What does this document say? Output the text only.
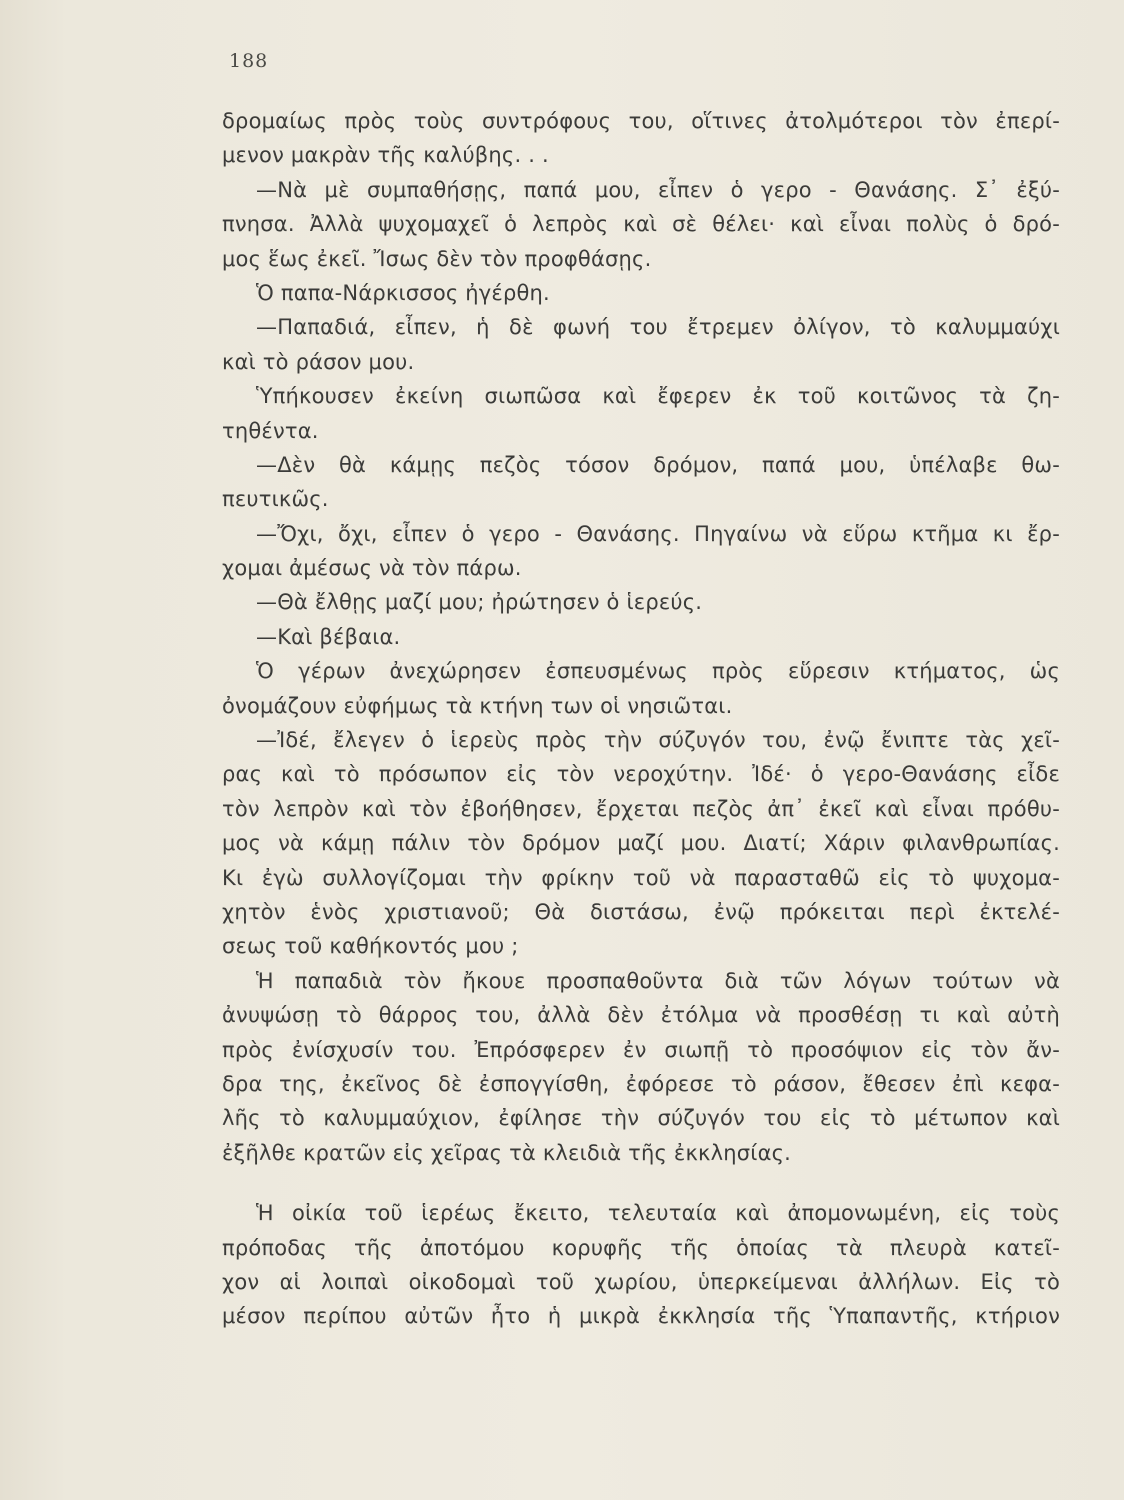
188
δρομαίως πρὸς τοὺς συντρόφους του, οἵτινες ἀτολμότεροι τὸν ἐπερί-
μενον μακρὰν τῆς καλύβης. . .
—Νὰ μὲ συμπαθήσῃς, παπά μου, εἶπεν ὁ γερο - Θανάσης. Σ᾽ ἐξύ-
πνησα. Ἀλλὰ ψυχομαχεῖ ὁ λεπρὸς καὶ σὲ θέλει· καὶ εἶναι πολὺς ὁ δρό-
μος ἕως ἐκεῖ. Ἴσως δὲν τὸν προφθάσῃς.
Ὁ παπα-Νάρκισσος ἠγέρθη.
—Παπαδιά, εἶπεν, ἡ δὲ φωνή του ἔτρεμεν ὀλίγον, τὸ καλυμμαύχι
καὶ τὸ ράσον μου.
Ὑπήκουσεν ἐκείνη σιωπῶσα καὶ ἔφερεν ἐκ τοῦ κοιτῶνος τὰ ζη-
τηθέντα.
—Δὲν θὰ κάμῃς πεζὸς τόσον δρόμον, παπά μου, ὑπέλαβε θω-
πευτικῶς.
—Ὄχι, ὄχι, εἶπεν ὁ γερο - Θανάσης. Πηγαίνω νὰ εὕρω κτῆμα κι ἔρ-
χομαι ἀμέσως νὰ τὸν πάρω.
—Θὰ ἔλθῃς μαζί μου; ἠρώτησεν ὁ ἱερεύς.
—Καὶ βέβαια.
Ὁ γέρων ἀνεχώρησεν ἐσπευσμένως πρὸς εὕρεσιν κτήματος, ὡς
ὀνομάζουν εὐφήμως τὰ κτήνη των οἱ νησιῶται.
—Ἰδέ, ἔλεγεν ὁ ἱερεὺς πρὸς τὴν σύζυγόν του, ἐνῷ ἔνιπτε τὰς χεῖ-
ρας καὶ τὸ πρόσωπον εἰς τὸν νεροχύτην. Ἰδέ· ὁ γερο-Θανάσης εἶδε
τὸν λεπρὸν καὶ τὸν ἐβοήθησεν, ἔρχεται πεζὸς ἀπ᾽ ἐκεῖ καὶ εἶναι πρόθυ-
μος νὰ κάμῃ πάλιν τὸν δρόμον μαζί μου. Διατί; Χάριν φιλανθρωπίας.
Κι ἐγὼ συλλογίζομαι τὴν φρίκην τοῦ νὰ παρασταθῶ εἰς τὸ ψυχομα-
χητὸν ἑνὸς χριστιανοῦ; Θὰ διστάσω, ἐνῷ πρόκειται περὶ ἐκτελέ-
σεως τοῦ καθήκοντός μου ;
Ἡ παπαδιὰ τὸν ἤκουε προσπαθοῦντα διὰ τῶν λόγων τούτων νὰ
ἀνυψώσῃ τὸ θάρρος του, ἀλλὰ δὲν ἐτόλμα νὰ προσθέσῃ τι καὶ αὐτὴ
πρὸς ἐνίσχυσίν του. Ἐπρόσφερεν ἐν σιωπῇ τὸ προσόψιον εἰς τὸν ἄν-
δρα της, ἐκεῖνος δὲ ἐσπογγίσθη, ἐφόρεσε τὸ ράσον, ἔθεσεν ἐπὶ κεφα-
λῆς τὸ καλυμμαύχιον, ἐφίλησε τὴν σύζυγόν του εἰς τὸ μέτωπον καὶ
ἐξῆλθε κρατῶν εἰς χεῖρας τὰ κλειδιὰ τῆς ἐκκλησίας.
Ἡ οἰκία τοῦ ἱερέως ἔκειτο, τελευταία καὶ ἀπομονωμένη, εἰς τοὺς
πρόποδας τῆς ἀποτόμου κορυφῆς τῆς ὁποίας τὰ πλευρὰ κατεῖ-
χον αἱ λοιπαὶ οἰκοδομαὶ τοῦ χωρίου, ὑπερκείμεναι ἀλλήλων. Εἰς τὸ
μέσον περίπου αὐτῶν ἦτο ἡ μικρὰ ἐκκλησία τῆς Ὑπαπαντῆς, κτήριον
